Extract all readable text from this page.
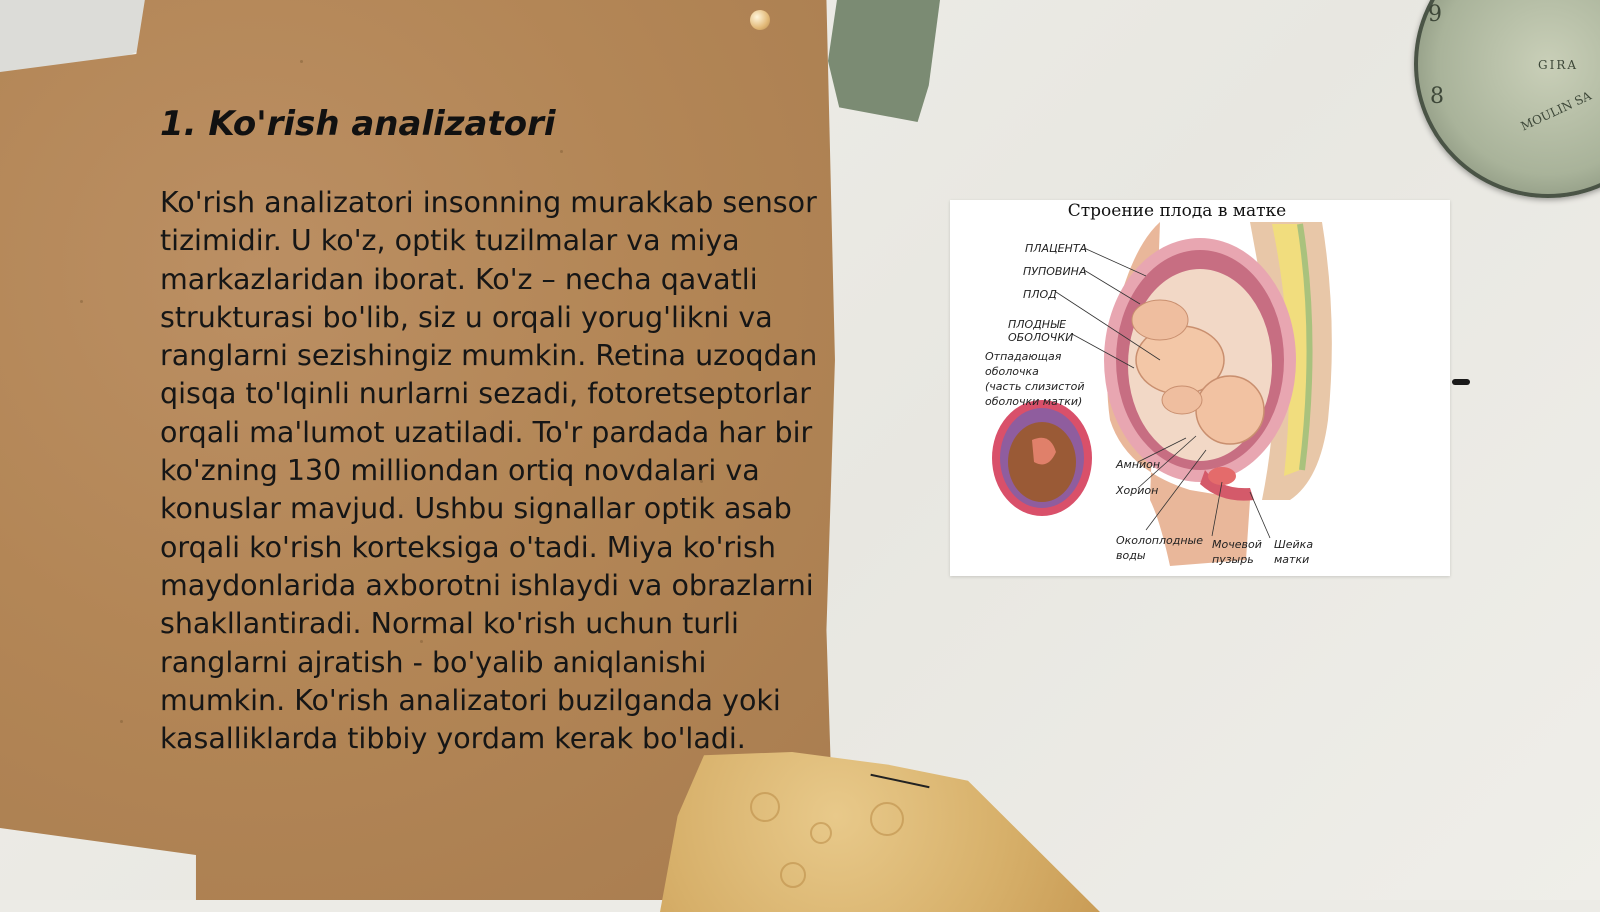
9
8
GIRA
MOULIN SA
1. Ko'rish analizatori

Ko'rish analizatori insonning murakkab sensor tizimidir. U ko'z, optik tuzilmalar va miya markazlaridan iborat. Ko'z – necha qavatli strukturasi bo'lib, siz u orqali yorug'likni va ranglarni sezishingiz mumkin. Retina uzoqdan qisqa to'lqinli nurlarni sezadi, fotoretseptorlar orqali ma'lumot uzatiladi. To'r pardada har bir ko'zning 130 milliondan ortiq novdalari va konuslar mavjud. Ushbu signallar optik asab orqali ko'rish korteksiga o'tadi. Miya ko'rish maydonlarida axborotni ishlaydi va obrazlarni shakllantiradi. Normal ko'rish uchun turli ranglarni ajratish - bo'yalib aniqlanishi mumkin. Ko'rish analizatori buzilganda yoki kasalliklarda tibbiy yordam kerak bo'ladi.

Строение плода в матке
ПЛАЦЕНТА
ПУПОВИНА
ПЛОД
ПЛОДНЫЕ
ОБОЛОЧКИ
Отпадающая
оболочка
(часть слизистой
оболочки матки)
Амнион
Хорион
Околоплодные
воды
Мочевой
пузырь
Шейка
матки
